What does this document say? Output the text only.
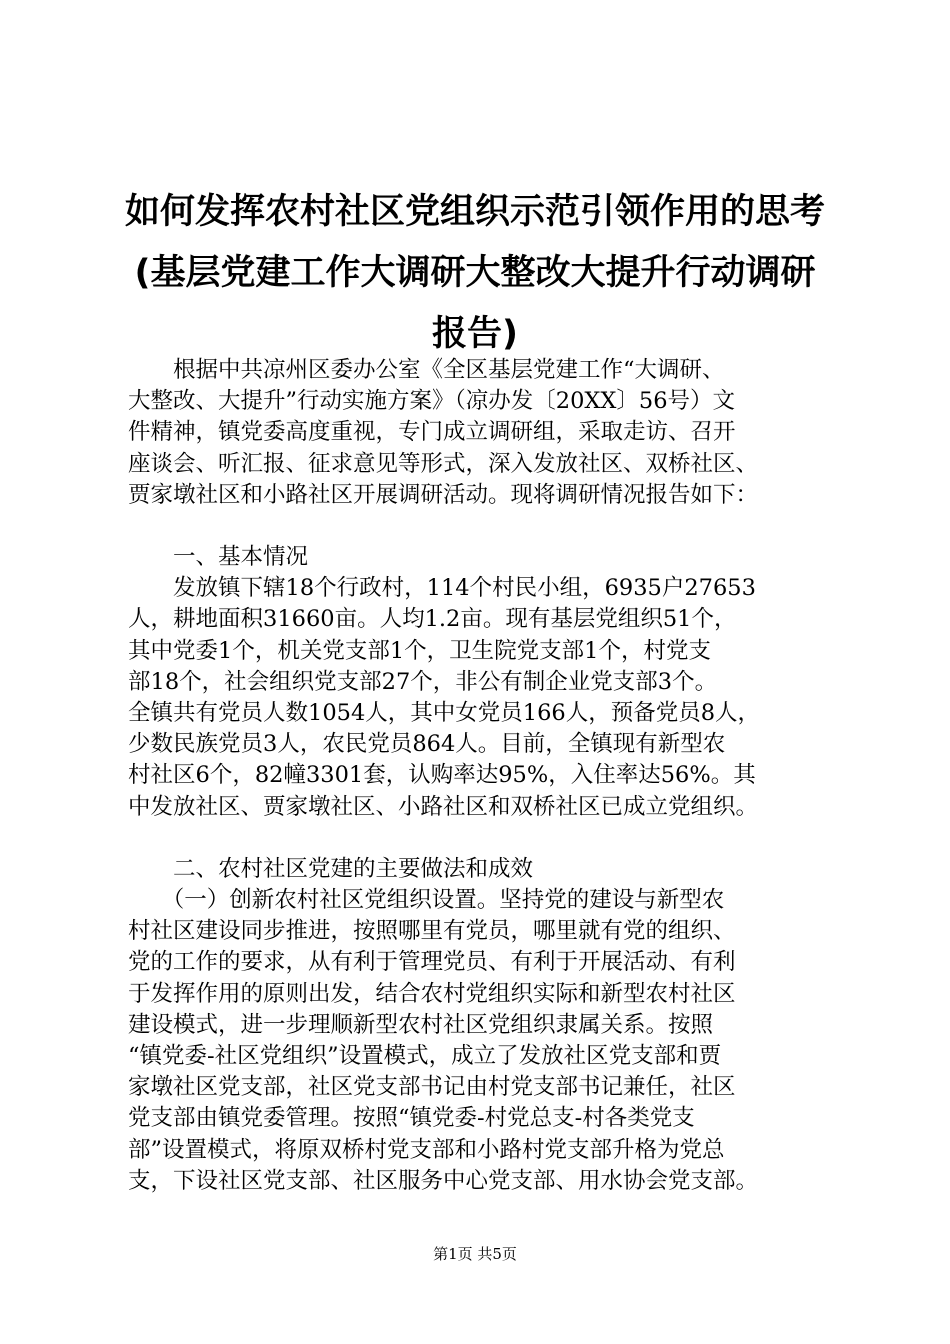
如何发挥农村社区党组织示范引领作用的思考
(基层党建工作大调研大整改大提升行动调研
报告)

　　根据中共凉州区委办公室《全区基层党建工作“大调研、
大整改、大提升”行动实施方案》（凉办发〔20XX〕56号）文
件精神，镇党委高度重视，专门成立调研组，采取走访、召开
座谈会、听汇报、征求意见等形式，深入发放社区、双桥社区、
贾家墩社区和小路社区开展调研活动。现将调研情况报告如下：

　　一、基本情况
　　发放镇下辖18个行政村，114个村民小组，6935户27653
人，耕地面积31660亩。人均1.2亩。现有基层党组织51个，
其中党委1个，机关党支部1个，卫生院党支部1个，村党支
部18个，社会组织党支部27个，非公有制企业党支部3个。
全镇共有党员人数1054人，其中女党员166人，预备党员8人，
少数民族党员3人，农民党员864人。目前，全镇现有新型农
村社区6个，82幢3301套，认购率达95%，入住率达56%。其
中发放社区、贾家墩社区、小路社区和双桥社区已成立党组织。

　　二、农村社区党建的主要做法和成效
　　（一）创新农村社区党组织设置。坚持党的建设与新型农
村社区建设同步推进，按照哪里有党员，哪里就有党的组织、
党的工作的要求，从有利于管理党员、有利于开展活动、有利
于发挥作用的原则出发，结合农村党组织实际和新型农村社区
建设模式，进一步理顺新型农村社区党组织隶属关系。按照
“镇党委-社区党组织”设置模式，成立了发放社区党支部和贾
家墩社区党支部，社区党支部书记由村党支部书记兼任，社区
党支部由镇党委管理。按照“镇党委-村党总支-村各类党支
部”设置模式，将原双桥村党支部和小路村党支部升格为党总
支，下设社区党支部、社区服务中心党支部、用水协会党支部。

第1页 共5页
